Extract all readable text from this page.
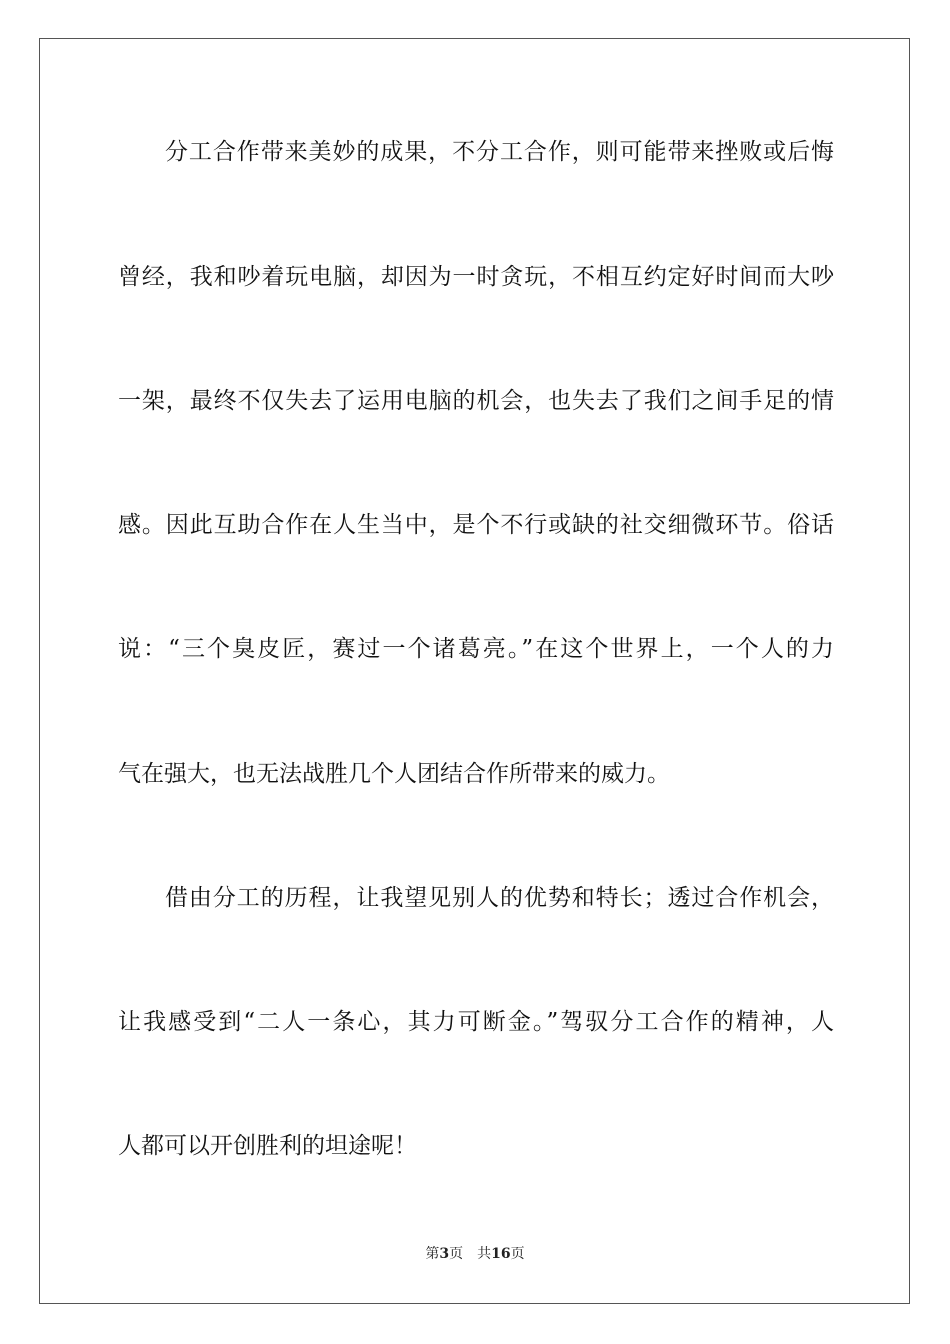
分工合作带来美妙的成果，不分工合作，则可能带来挫败或后悔
曾经，我和吵着玩电脑，却因为一时贪玩，不相互约定好时间而大吵
一架，最终不仅失去了运用电脑的机会，也失去了我们之间手足的情
感。因此互助合作在人生当中，是个不行或缺的社交细微环节。俗话
说：“三个臭皮匠，赛过一个诸葛亮。”在这个世界上，一个人的力
气在强大，也无法战胜几个人团结合作所带来的威力。
借由分工的历程，让我望见别人的优势和特长；透过合作机会，
让我感受到“二人一条心，其力可断金。”驾驭分工合作的精神，人
人都可以开创胜利的坦途呢！
第3页 共16页
